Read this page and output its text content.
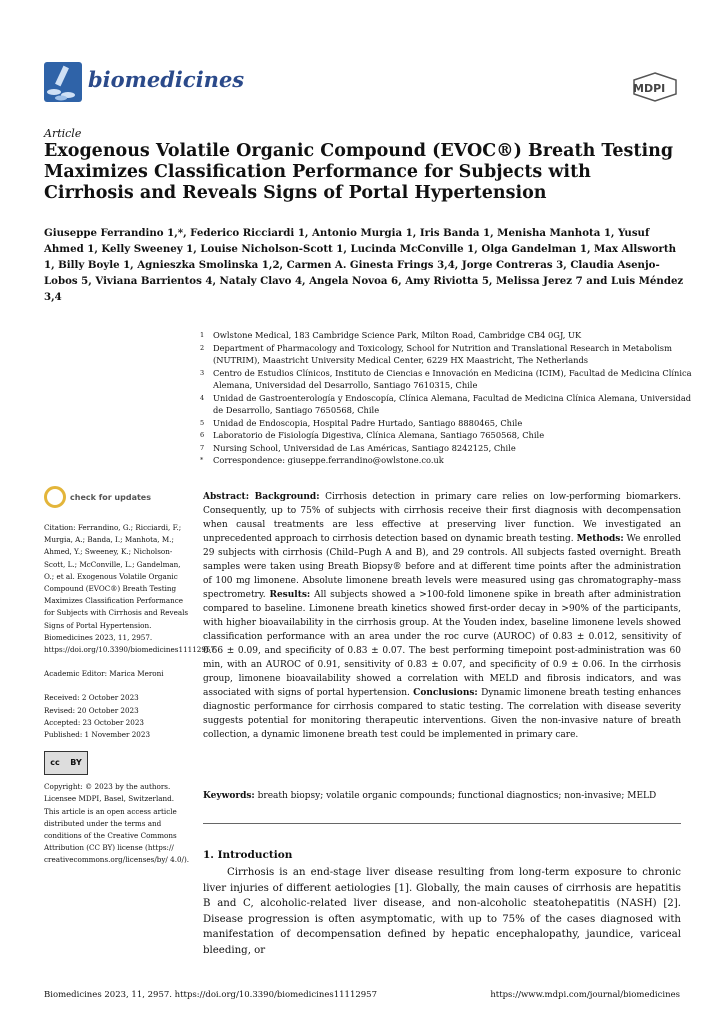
biomedicines	MDPI
Article
Exogenous Volatile Organic Compound (EVOC®) Breath Testing Maximizes Classification Performance for Subjects with Cirrhosis and Reveals Signs of Portal Hypertension
Giuseppe Ferrandino 1,*, Federico Ricciardi 1, Antonio Murgia 1, Iris Banda 1, Menisha Manhota 1, Yusuf Ahmed 1, Kelly Sweeney 1, Louise Nicholson-Scott 1, Lucinda McConville 1, Olga Gandelman 1, Max Allsworth 1, Billy Boyle 1, Agnieszka Smolinska 1,2, Carmen A. Ginesta Frings 3,4, Jorge Contreras 3, Claudia Asenjo-Lobos 5, Viviana Barrientos 4, Nataly Clavo 4, Angela Novoa 6, Amy Riviotta 5, Melissa Jerez 7 and Luis Méndez 3,4
1	Owlstone Medical, 183 Cambridge Science Park, Milton Road, Cambridge CB4 0GJ, UK
2	Department of Pharmacology and Toxicology, School for Nutrition and Translational Research in Metabolism (NUTRIM), Maastricht University Medical Center, 6229 HX Maastricht, The Netherlands
3	Centro de Estudios Clínicos, Instituto de Ciencias e Innovación en Medicina (ICIM), Facultad de Medicina Clínica Alemana, Universidad del Desarrollo, Santiago 7610315, Chile
4	Unidad de Gastroenterología y Endoscopía, Clínica Alemana, Facultad de Medicina Clínica Alemana, Universidad de Desarrollo, Santiago 7650568, Chile
5	Unidad de Endoscopia, Hospital Padre Hurtado, Santiago 8880465, Chile
6	Laboratorio de Fisiología Digestiva, Clínica Alemana, Santiago 7650568, Chile
7	Nursing School, Universidad de Las Américas, Santiago 8242125, Chile
*	Correspondence: giuseppe.ferrandino@owlstone.co.uk
check for updates
Citation: Ferrandino, G.; Ricciardi, F.; Murgia, A.; Banda, I.; Manhota, M.; Ahmed, Y.; Sweeney, K.; Nicholson-Scott, L.; McConville, L.; Gandelman, O.; et al. Exogenous Volatile Organic Compound (EVOC®) Breath Testing Maximizes Classification Performance for Subjects with Cirrhosis and Reveals Signs of Portal Hypertension. Biomedicines 2023, 11, 2957. https://doi.org/10.3390/biomedicines11112957
Academic Editor: Marica Meroni
Received: 2 October 2023
Revised: 20 October 2023
Accepted: 23 October 2023
Published: 1 November 2023
cc BY
Copyright: © 2023 by the authors. Licensee MDPI, Basel, Switzerland. This article is an open access article distributed under the terms and conditions of the Creative Commons Attribution (CC BY) license (https:// creativecommons.org/licenses/by/ 4.0/).
Abstract: Background: Cirrhosis detection in primary care relies on low-performing biomarkers. Consequently, up to 75% of subjects with cirrhosis receive their first diagnosis with decompensation when causal treatments are less effective at preserving liver function. We investigated an unprecedented approach to cirrhosis detection based on dynamic breath testing. Methods: We enrolled 29 subjects with cirrhosis (Child–Pugh A and B), and 29 controls. All subjects fasted overnight. Breath samples were taken using Breath Biopsy® before and at different time points after the administration of 100 mg limonene. Absolute limonene breath levels were measured using gas chromatography–mass spectrometry. Results: All subjects showed a >100-fold limonene spike in breath after administration compared to baseline. Limonene breath kinetics showed first-order decay in >90% of the participants, with higher bioavailability in the cirrhosis group. At the Youden index, baseline limonene levels showed classification performance with an area under the roc curve (AUROC) of 0.83 ± 0.012, sensitivity of 0.66 ± 0.09, and specificity of 0.83 ± 0.07. The best performing timepoint post-administration was 60 min, with an AUROC of 0.91, sensitivity of 0.83 ± 0.07, and specificity of 0.9 ± 0.06. In the cirrhosis group, limonene bioavailability showed a correlation with MELD and fibrosis indicators, and was associated with signs of portal hypertension. Conclusions: Dynamic limonene breath testing enhances diagnostic performance for cirrhosis compared to static testing. The correlation with disease severity suggests potential for monitoring therapeutic interventions. Given the non-invasive nature of breath collection, a dynamic limonene breath test could be implemented in primary care.
Keywords: breath biopsy; volatile organic compounds; functional diagnostics; non-invasive; MELD
1. Introduction
Cirrhosis is an end-stage liver disease resulting from long-term exposure to chronic liver injuries of different aetiologies [1]. Globally, the main causes of cirrhosis are hepatitis B and C, alcoholic-related liver disease, and non-alcoholic steatohepatitis (NASH) [2]. Disease progression is often asymptomatic, with up to 75% of the cases diagnosed with manifestation of decompensation defined by hepatic encephalopathy, jaundice, variceal bleeding, or
Biomedicines 2023, 11, 2957. https://doi.org/10.3390/biomedicines11112957	https://www.mdpi.com/journal/biomedicines
